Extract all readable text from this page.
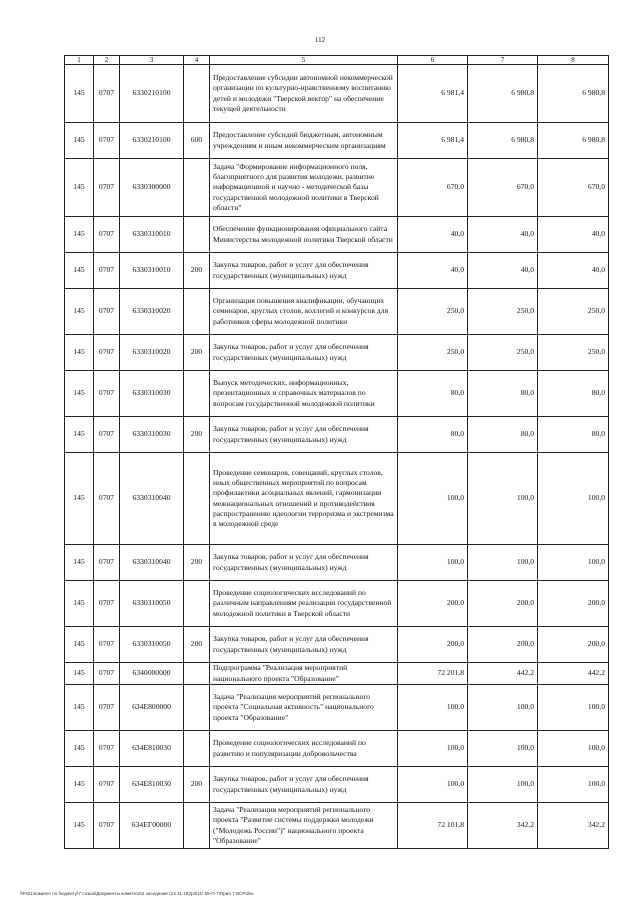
112
1	2	3	4	5	6	7	8
145	0707	6330210100		Предоставление субсидии автономной некоммерческой организации по культурно-нравственному воспитанию детей и молодежи "Тверской вектор" на обеспечение текущей деятельности	6 981,4	6 980,8	6 980,8
145	0707	6330210100	600	Предоставление субсидий бюджетным, автономным учреждениям и иным некоммерческим организациям	6 981,4	6 980,8	6 980,8
145	0707	6330300000		Задача "Формирование информационного поля, благоприятного для развития молодежи, развитие информационной и научно - методической базы государственной молодежной политики в Тверской области"	670,0	670,0	670,0
145	0707	6330310010		Обеспечение функционирования официального сайта Министерства молодежной политики Тверской области	40,0	40,0	40,0
145	0707	6330310010	200	Закупка товаров, работ и услуг для обеспечения государственных (муниципальных) нужд	40,0	40,0	40,0
145	0707	6330310020		Организация повышения квалификации, обучающих семинаров, круглых столов, коллегий и конкурсов для работников сферы молодежной политики	250,0	250,0	250,0
145	0707	6330310020	200	Закупка товаров, работ и услуг для обеспечения государственных (муниципальных) нужд	250,0	250,0	250,0
145	0707	6330310030		Выпуск методических, информационных, презентационных и справочных материалов по вопросам государственной молодежной политики	80,0	80,0	80,0
145	0707	6330310030	200	Закупка товаров, работ и услуг для обеспечения государственных (муниципальных) нужд	80,0	80,0	80,0
145	0707	6330310040		Проведение семинаров, совещаний, круглых столов, иных общественных мероприятий по вопросам профилактики асоциальных явлений, гармонизации межнациональных отношений и противодействия распространению идеологии терроризма и экстремизма в молодежной среде	100,0	100,0	100,0
145	0707	6330310040	200	Закупка товаров, работ и услуг для обеспечения государственных (муниципальных) нужд	100,0	100,0	100,0
145	0707	6330310050		Проведение социологических исследований по различным направлениям реализации государственной молодежной политики в Тверской области	200,0	200,0	200,0
145	0707	6330310050	200	Закупка товаров, работ и услуг для обеспечения государственных (муниципальных) нужд	200,0	200,0	200,0
145	0707	6340000000		Подпрограмма "Реализация мероприятий национального проекта "Образование"	72 201,8	442,2	442,2
145	0707	634E800000		Задача "Реализация мероприятий регионального проекта "Социальная активность" национального проекта "Образование"	100,0	100,0	100,0
145	0707	634E810030		Проведение социологических исследований по развитию и популяризации добровольчества	100,0	100,0	100,0
145	0707	634E810030	200	Закупка товаров, работ и услуг для обеспечения государственных (муниципальных) нужд	100,0	100,0	100,0
145	0707	634ЕГ00000		Задача "Реализация мероприятий регионального проекта "Развитие системы поддержки молодежи ("Молодежь России")" национального проекта "Образование"	72 101,8	342,2	342,2
\\Fs01\комитет по бюджету\7 созыв\Документы комитета\2 заседание (12.11.19)\pril11\ 65-П-7\Прил 7 ВСР.xlsx
